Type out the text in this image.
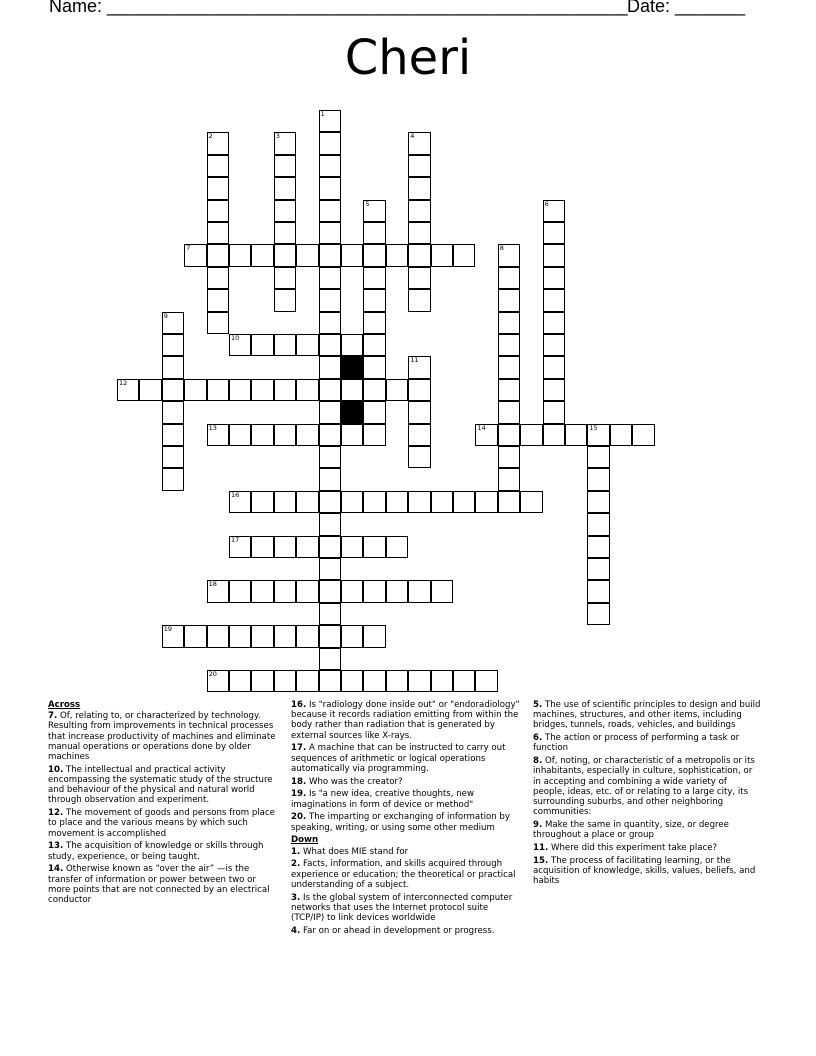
Name: ____________________________________________________ Date: _______
Cheri
7
10
12
13	14	15
16
17
18
19
20
1
2	3	4
5	6
8
9
11
Across
7. Of, relating to, or characterized by technology. Resulting from improvements in technical processes that increase productivity of machines and eliminate manual operations or operations done by older machines
10. The intellectual and practical activity encompassing the systematic study of the structure and behaviour of the physical and natural world through observation and experiment.
12. The movement of goods and persons from place to place and the various means by which such movement is accomplished
13. The acquisition of knowledge or skills through study, experience, or being taught.
14. Otherwise known as “over the air” —is the transfer of information or power between two or more points that are not connected by an electrical conductor
16. Is "radiology done inside out" or "endoradiology" because it records radiation emitting from within the body rather than radiation that is generated by external sources like X-rays.
17. A machine that can be instructed to carry out sequences of arithmetic or logical operations automatically via programming.
18. Who was the creator?
19. Is "a new idea, creative thoughts, new imaginations in form of device or method"
20. The imparting or exchanging of information by speaking, writing, or using some other medium
Down
1. What does MIE stand for
2. Facts, information, and skills acquired through experience or education; the theoretical or practical understanding of a subject.
3. Is the global system of interconnected computer networks that uses the Internet protocol suite (TCP/IP) to link devices worldwide
4. Far on or ahead in development or progress.
5. The use of scientific principles to design and build machines, structures, and other items, including bridges, tunnels, roads, vehicles, and buildings
6. The action or process of performing a task or function
8. Of, noting, or characteristic of a metropolis or its inhabitants, especially in culture, sophistication, or in accepting and combining a wide variety of people, ideas, etc. of or relating to a large city, its surrounding suburbs, and other neighboring communities:
9. Make the same in quantity, size, or degree throughout a place or group
11. Where did this experiment take place?
15. The process of facilitating learning, or the acquisition of knowledge, skills, values, beliefs, and habits
